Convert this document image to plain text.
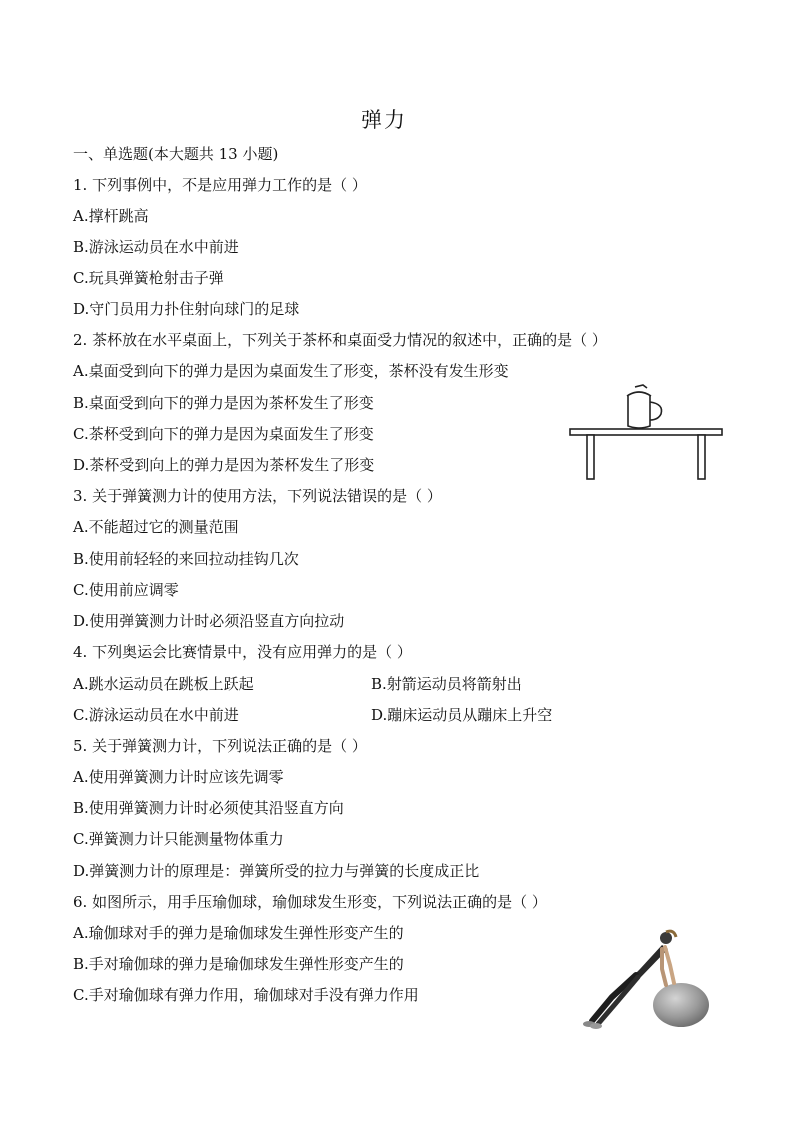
弹力
一、单选题(本大题共 13 小题)
1. 下列事例中，不是应用弹力工作的是（ ）
A.撑杆跳高
B.游泳运动员在水中前进
C.玩具弹簧枪射击子弹
D.守门员用力扑住射向球门的足球
2. 茶杯放在水平桌面上，下列关于茶杯和桌面受力情况的叙述中，正确的是（ ）
A.桌面受到向下的弹力是因为桌面发生了形变，茶杯没有发生形变
B.桌面受到向下的弹力是因为茶杯发生了形变
C.茶杯受到向下的弹力是因为桌面发生了形变
D.茶杯受到向上的弹力是因为茶杯发生了形变
3. 关于弹簧测力计的使用方法，下列说法错误的是（ ）
A.不能超过它的测量范围
B.使用前轻轻的来回拉动挂钩几次
C.使用前应调零
D.使用弹簧测力计时必须沿竖直方向拉动
4. 下列奥运会比赛情景中，没有应用弹力的是（ ）
A.跳水运动员在跳板上跃起	B.射箭运动员将箭射出
C.游泳运动员在水中前进	D.蹦床运动员从蹦床上升空
5. 关于弹簧测力计，下列说法正确的是（ ）
A.使用弹簧测力计时应该先调零
B.使用弹簧测力计时必须使其沿竖直方向
C.弹簧测力计只能测量物体重力
D.弹簧测力计的原理是：弹簧所受的拉力与弹簧的长度成正比
6. 如图所示，用手压瑜伽球，瑜伽球发生形变，下列说法正确的是（ ）
A.瑜伽球对手的弹力是瑜伽球发生弹性形变产生的
B.手对瑜伽球的弹力是瑜伽球发生弹性形变产生的
C.手对瑜伽球有弹力作用，瑜伽球对手没有弹力作用
